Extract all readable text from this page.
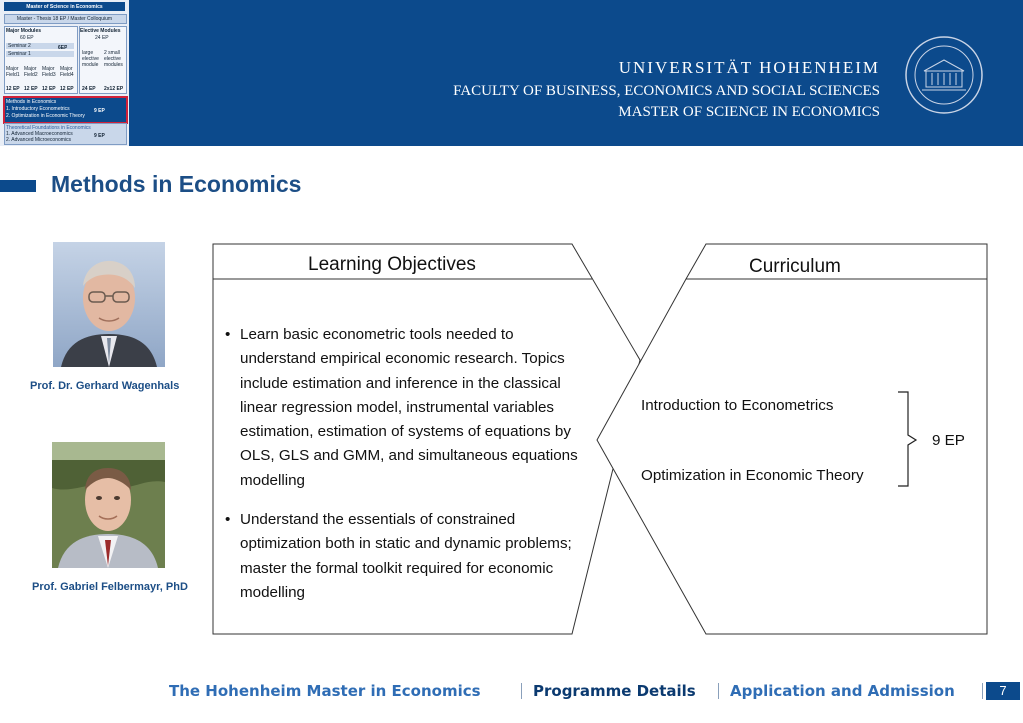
Master of Science in Economics
Master - Thesis 18 EP / Master Colloquium
Major Modules
60 EP
Seminar 2	6EP
Seminar 1
Major Field1
Major Field2
Major Field3
Major Field4
12 EP 12 EP 12 EP 12 EP
Elective Modules
24 EP
large elective module
2 small elective modules
24 EP 2x12 EP
Methods in Economics
1. Introductory Econometrics
2. Optimization in Economic Theory
9 EP
Theoretical Foundations in Economics
1. Advanced Macroeconomics
2. Advanced Microeconomics
9 EP
UNIVERSITÄT HOHENHEIM
FACULTY OF BUSINESS, ECONOMICS AND SOCIAL SCIENCES
MASTER OF SCIENCE IN ECONOMICS
Methods in Economics
Prof. Dr. Gerhard Wagenhals
Prof. Gabriel Felbermayr, PhD
Learning Objectives	Curriculum
• Learn basic econometric tools needed to understand empirical economic research. Topics include estimation and inference in the classical linear regression model, instrumental variables estimation, estimation of systems of equations by OLS, GLS and GMM, and simultaneous equations modelling
• Understand the essentials of constrained optimization both in static and dynamic problems; master the formal toolkit required for economic modelling
Introduction to Econometrics
Optimization in Economic Theory
9 EP
The Hohenheim Master in Economics	Programme Details Application and Admission	7
